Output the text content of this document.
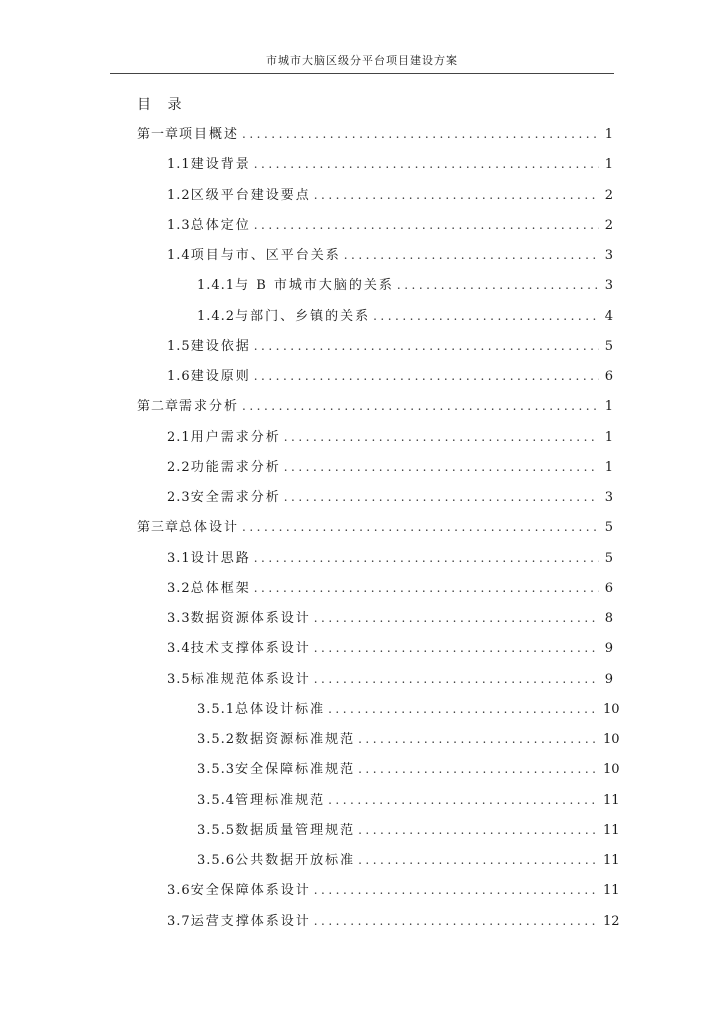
市城市大脑区级分平台项目建设方案
目 录
第一章 项目概述 .....	1
1.1 建设背景 .....	1
1.2 区级平台建设要点 .....	2
1.3 总体定位 .....	2
1.4 项目与市、区平台关系 .....	3
1.4.1 与 B 市城市大脑的关系 .....	3
1.4.2 与部门、乡镇的关系 .....	4
1.5 建设依据 .....	5
1.6 建设原则 .....	6
第二章 需求分析 .....	1
2.1 用户需求分析 .....	1
2.2 功能需求分析 .....	1
2.3 安全需求分析 .....	3
第三章 总体设计 .....	5
3.1 设计思路 .....	5
3.2 总体框架 .....	6
3.3 数据资源体系设计 .....	8
3.4 技术支撑体系设计 .....	9
3.5 标准规范体系设计 .....	9
3.5.1 总体设计标准 .....	10
3.5.2 数据资源标准规范 .....	10
3.5.3 安全保障标准规范 .....	10
3.5.4 管理标准规范 .....	11
3.5.5 数据质量管理规范 .....	11
3.5.6 公共数据开放标准 .....	11
3.6 安全保障体系设计 .....	11
3.7 运营支撑体系设计 .....	12
